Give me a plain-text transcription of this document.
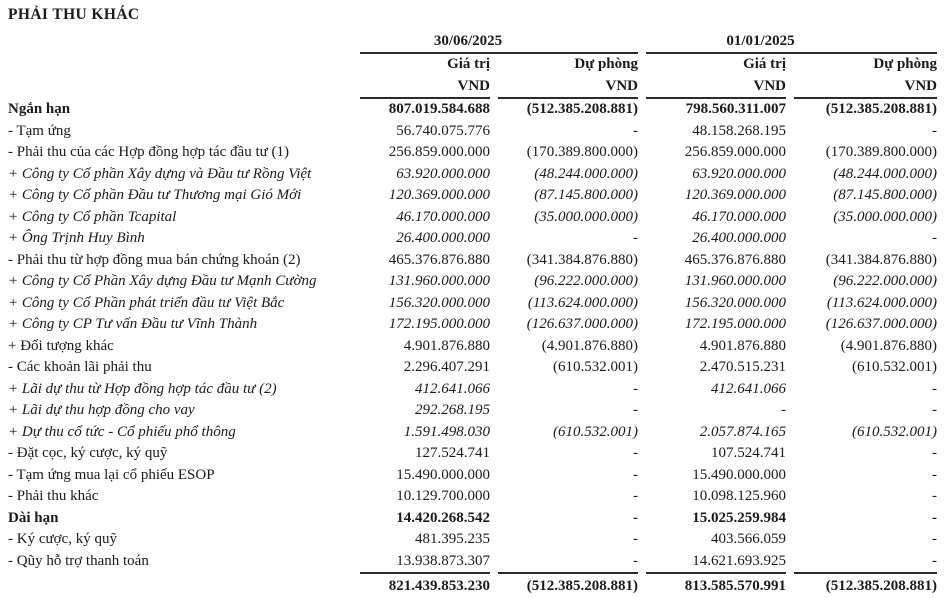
PHẢI THU KHÁC
	30/06/2025		01/01/2025	
	Giá trị	Dự phòng	Giá trị	Dự phòng
	VND	VND	VND	VND
Ngắn hạn	807.019.584.688	(512.385.208.881)	798.560.311.007	(512.385.208.881)
- Tạm ứng	56.740.075.776	-	48.158.268.195	-
- Phải thu của các Hợp đồng hợp tác đầu tư (1)	256.859.000.000	(170.389.800.000)	256.859.000.000	(170.389.800.000)
+ Công ty Cổ phần Xây dựng và Đầu tư Rồng Việt	63.920.000.000	(48.244.000.000)	63.920.000.000	(48.244.000.000)
+ Công ty Cổ phần Đầu tư Thương mại Gió Mới	120.369.000.000	(87.145.800.000)	120.369.000.000	(87.145.800.000)
+ Công ty Cổ phần Tcapital	46.170.000.000	(35.000.000.000)	46.170.000.000	(35.000.000.000)
+ Ông Trịnh Huy Bình	26.400.000.000	-	26.400.000.000	-
- Phải thu từ hợp đồng mua bán chứng khoán (2)	465.376.876.880	(341.384.876.880)	465.376.876.880	(341.384.876.880)
+ Công ty Cổ Phần Xây dựng Đầu tư Mạnh Cường	131.960.000.000	(96.222.000.000)	131.960.000.000	(96.222.000.000)
+ Công ty Cổ Phần phát triển đầu tư Việt Bắc	156.320.000.000	(113.624.000.000)	156.320.000.000	(113.624.000.000)
+ Công ty CP Tư vấn Đầu tư Vĩnh Thành	172.195.000.000	(126.637.000.000)	172.195.000.000	(126.637.000.000)
+ Đối tượng khác	4.901.876.880	(4.901.876.880)	4.901.876.880	(4.901.876.880)
- Các khoản lãi phải thu	2.296.407.291	(610.532.001)	2.470.515.231	(610.532.001)
+ Lãi dự thu từ Hợp đồng hợp tác đầu tư (2)	412.641.066	-	412.641.066	-
+ Lãi dự thu hợp đồng cho vay	292.268.195	-	-	-
+ Dự thu cổ tức - Cổ phiếu phổ thông	1.591.498.030	(610.532.001)	2.057.874.165	(610.532.001)
- Đặt cọc, ký cược, ký quỹ	127.524.741	-	107.524.741	-
- Tạm ứng mua lại cổ phiếu ESOP	15.490.000.000	-	15.490.000.000	-
- Phải thu khác	10.129.700.000	-	10.098.125.960	-
Dài hạn	14.420.268.542	-	15.025.259.984	-
- Ký cược, ký quỹ	481.395.235	-	403.566.059	-
- Qũy hỗ trợ thanh toán	13.938.873.307	-	14.621.693.925	-
	821.439.853.230	(512.385.208.881)	813.585.570.991	(512.385.208.881)
